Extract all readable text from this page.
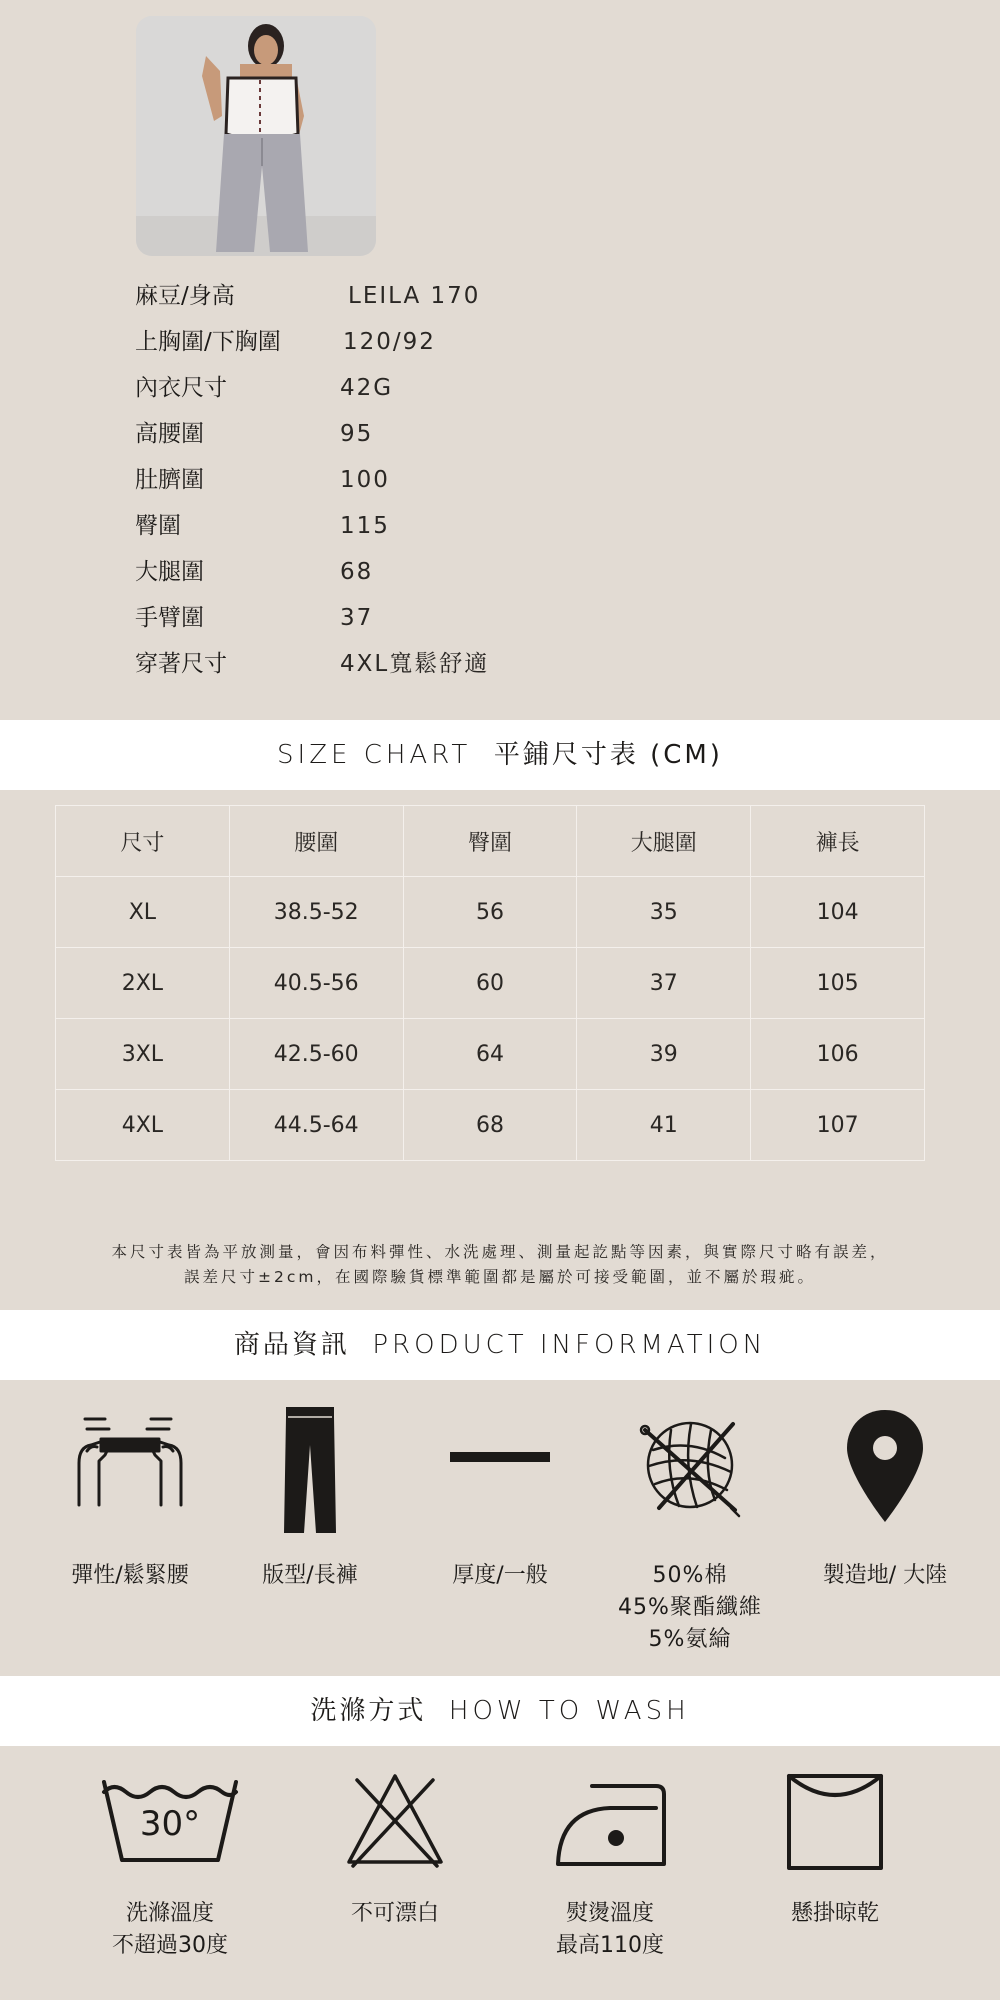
麻豆/身高	LEILA 170
上胸圍/下胸圍	120/92
內衣尺寸	42G
高腰圍	95
肚臍圍	100
臀圍	115
大腿圍	68
手臂圍	37
穿著尺寸	4XL寬鬆舒適
SIZE CHART 平鋪尺寸表 (CM)
尺寸	腰圍	臀圍	大腿圍	褲長
XL	38.5-52	56	35	104
2XL	40.5-56	60	37	105
3XL	42.5-60	64	39	106
4XL	44.5-64	68	41	107
本尺寸表皆為平放測量，會因布料彈性、水洗處理、測量起訖點等因素，與實際尺寸略有誤差，
誤差尺寸±2cm，在國際驗貨標準範圍都是屬於可接受範圍，並不屬於瑕疵。
商品資訊 PRODUCT INFORMATION
彈性/鬆緊腰	版型/長褲	厚度/一般	50%棉
45%聚酯纖維
5%氨綸
製造地/ 大陸
洗滌方式 HOW TO WASH
30°
洗滌溫度
不超過30度
不可漂白	熨燙溫度
最高110度
懸掛晾乾
